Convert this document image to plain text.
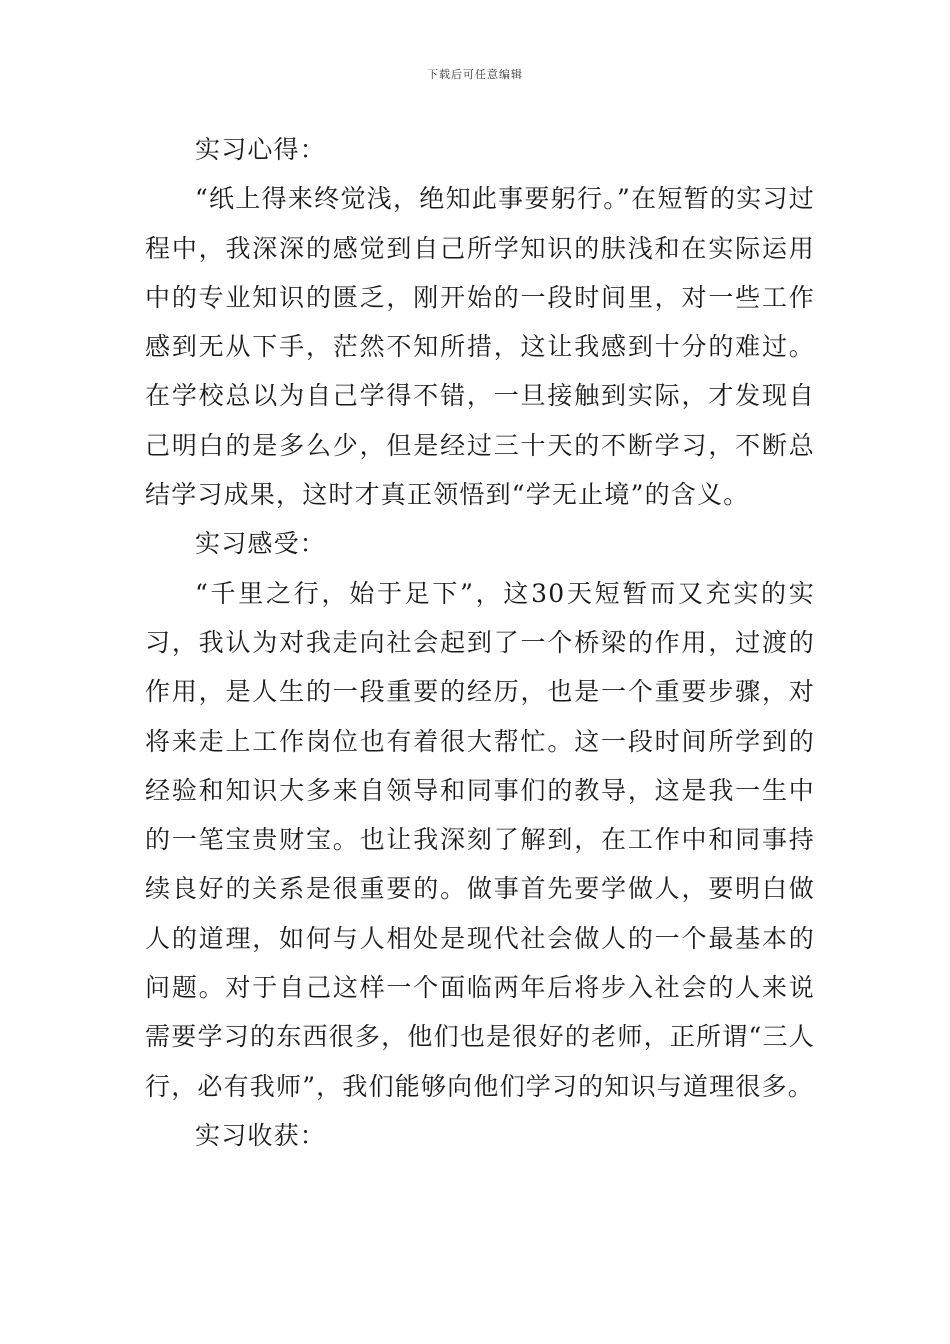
下载后可任意编辑

实习心得：

“纸上得来终觉浅，绝知此事要躬行。”在短暂的实习过程中，我深深的感觉到自己所学知识的肤浅和在实际运用中的专业知识的匮乏，刚开始的一段时间里，对一些工作感到无从下手，茫然不知所措，这让我感到十分的难过。在学校总以为自己学得不错，一旦接触到实际，才发现自己明白的是多么少，但是经过三十天的不断学习，不断总结学习成果，这时才真正领悟到“学无止境”的含义。

实习感受：

“千里之行，始于足下”，这30天短暂而又充实的实习，我认为对我走向社会起到了一个桥梁的作用，过渡的作用，是人生的一段重要的经历，也是一个重要步骤，对将来走上工作岗位也有着很大帮忙。这一段时间所学到的经验和知识大多来自领导和同事们的教导，这是我一生中的一笔宝贵财宝。也让我深刻了解到，在工作中和同事持续良好的关系是很重要的。做事首先要学做人，要明白做人的道理，如何与人相处是现代社会做人的一个最基本的问题。对于自己这样一个面临两年后将步入社会的人来说需要学习的东西很多，他们也是很好的老师，正所谓“三人行，必有我师”，我们能够向他们学习的知识与道理很多。

实习收获：
